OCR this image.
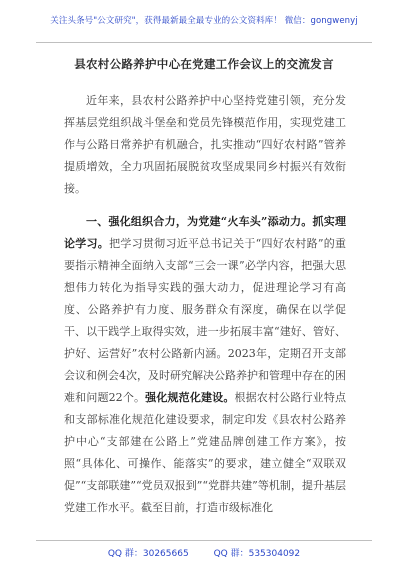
关注头条号"公文研究"，获得最新最全最专业的公文资料库！ 微信：gongwenyj
县农村公路养护中心在党建工作会议上的交流发言
近年来，县农村公路养护中心坚持党建引领，充分发挥基层党组织战斗堡垒和党员先锋模范作用，实现党建工作与公路日常养护有机融合，扎实推动“四好农村路”管养提质增效，全力巩固拓展脱贫攻坚成果同乡村振兴有效衔接。
一、强化组织合力，为党建“火车头”添动力。抓实理论学习。把学习贯彻习近平总书记关于“四好农村路”的重要指示精神全面纳入支部“三会一课”必学内容，把强大思想伟力转化为指导实践的强大动力，促进理论学习有高度、公路养护有力度、服务群众有深度，确保在以学促干、以干践学上取得实效，进一步拓展丰富“建好、管好、护好、运营好”农村公路新内涵。2023年，定期召开支部会议和例会4次，及时研究解决公路养护和管理中存在的困难和问题22个。强化规范化建设。根据农村公路行业特点和支部标准化规范化建设要求，制定印发《县农村公路养护中心“支部建在公路上”党建品牌创建工作方案》，按照“具体化、可操作、能落实”的要求，建立健全“双联双促”“支部联建”“党员双报到”“党群共建”等机制，提升基层党建工作水平。截至目前，打造市级标准化
QQ 群：30265665	QQ 群：535304092
